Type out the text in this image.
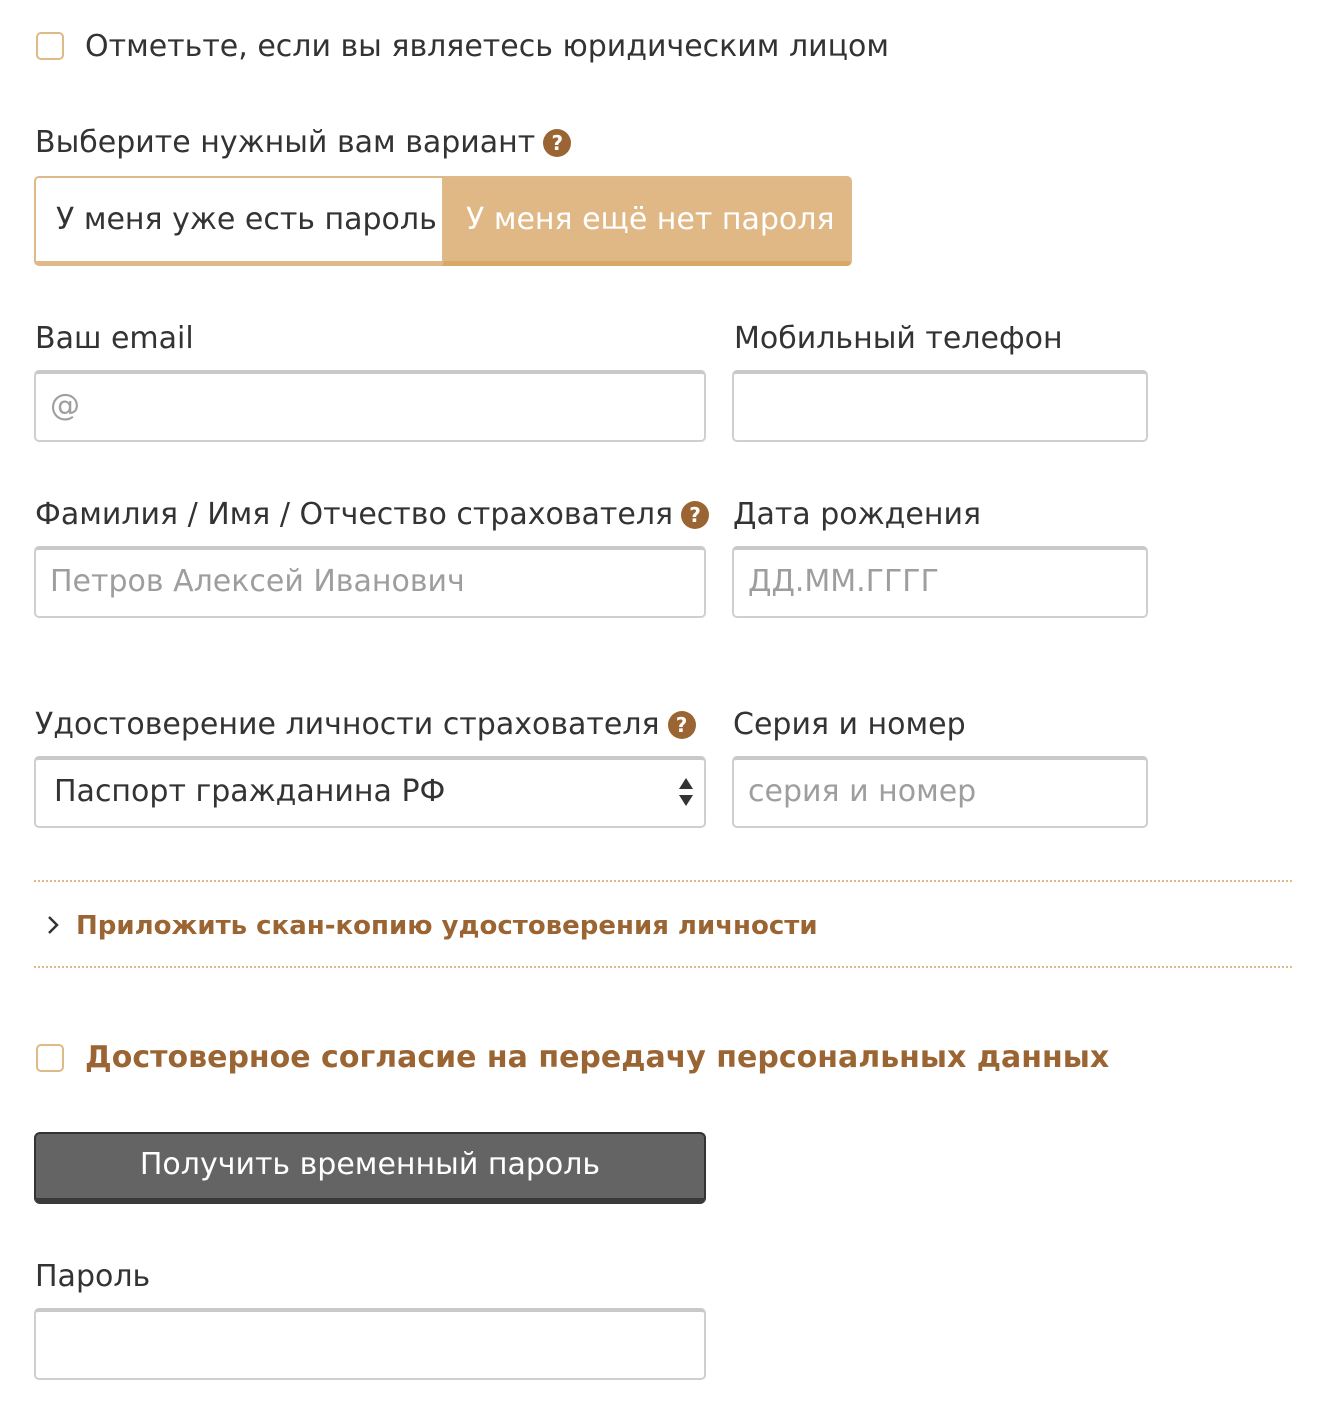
Отметьте, если вы являетесь юридическим лицом
Выберите нужный вам вариант ?
У меня уже есть пароль У меня ещё нет пароля
Ваш email	Мобильный телефон
@
Фамилия / Имя / Отчество страхователя ? Дата рождения
Петров Алексей Иванович	ДД.ММ.ГГГГ
Удостоверение личности страхователя ? Серия и номер
Паспорт гражданина РФ	серия и номер
Приложить скан-копию удостоверения личности
Достоверное согласие на передачу персональных данных
Получить временный пароль
Пароль
